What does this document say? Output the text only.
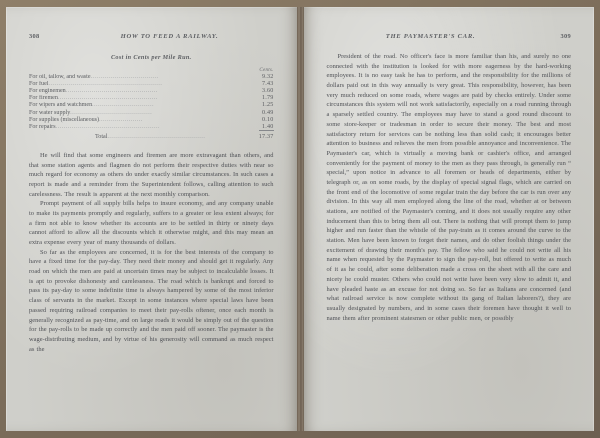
308	HOW TO FEED A RAILWAY.
Cost in Cents per Mile Run.
	Cents.
For oil, tallow, and waste..................................	9.32
For fuel.........................................................	7.43
For enginemen..............................................	3.60
For firemen..................................................	1.79
For wipers and watchmen...............................	1.25
For water supply.........................................	0.49
For supplies (miscellaneous)......................	0.10
For repairs....................................................	1.40
Total.................................................	17.37

He will find that some engineers and firemen are more extravagant than others, and that some station agents and flagmen do not perform their respective duties with near so much regard for economy as others do under exactly similar circumstances. In such cases a report is made and a reminder from the Superintendent follows, calling attention to such carelessness. The result is apparent at the next monthly comparison.

Prompt payment of all supply bills helps to insure economy, and any company unable to make its payments promptly and regularly, suffers to a greater or less extent always; for a firm not able to know whether its accounts are to be settled in thirty or ninety days cannot afford to allow all the discounts which it otherwise might, and this may mean an extra expense every year of many thousands of dollars.

So far as the employees are concerned, it is for the best interests of the company to have a fixed time for the pay-day. They need their money and should get it regularly. Any road on which the men are paid at uncertain times may be subject to incalculable losses. It is apt to provoke dishonesty and carelessness. The road which is bankrupt and forced to pass its pay-day to some indefinite time is always hampered by some of the most inferior class of servants in the market. Except in some instances where special laws have been passed requiring railroad companies to meet their pay-rolls oftener, once each month is generally recognized as pay-time, and on large roads it would be simply out of the question for the pay-rolls to be made up correctly and the men paid off sooner. The paymaster is the wage-distributing medium, and by virtue of his generosity will command as much respect as the

THE PAYMASTER'S CAR.	309

President of the road. No officer's face is more familiar than his, and surely no one connected with the institution is looked for with more eagerness by the hard-working employees. It is no easy task he has to perform, and the responsibility for the millions of dollars paid out in this way annually is very great. This responsibility, however, has been very much reduced on some roads, where wages are paid by checks entirely. Under some circumstances this system will not work satisfactorily, especially on a road running through a sparsely settled country. The employees may have to stand a good round discount to some store-keeper or tradesman in order to secure their money. The best and most satisfactory return for services can be nothing less than solid cash; it encourages better attention to business and relieves the men from possible annoyance and inconvenience. The Paymaster's car, which is virtually a moving bank or cashier's office, and arranged conveniently for the payment of money to the men as they pass through, is generally run “ special,” upon notice in advance to all foremen or heads of departments, either by telegraph or, as on some roads, by the display of special signal flags, which are carried on the front end of the locomotive of some regular train the day before the car is run over any division. In this way all men employed along the line of the road, whether at or between stations, are notified of the Paymaster's coming, and it does not usually require any other inducement than this to bring them all out. There is nothing that will prompt them to jump higher and run faster than the whistle of the pay-train as it comes around the curve to the station. Men have been known to forget their names, and do other foolish things under the excitement of drawing their month's pay. The fellow who said he could not write all his name when requested by the Paymaster to sign the pay-roll, but offered to write as much of it as he could, after some deliberation made a cross on the sheet with all the care and nicety he could muster. Others who could not write have been very slow to admit it, and have pleaded haste as an excuse for not doing so. So far as Italians are concerned (and what railroad service is now complete without its gang of Italian laborers?), they are usually designated by numbers, and in some cases their foremen have thought it well to name them after prominent statesmen or other public men, or possibly
